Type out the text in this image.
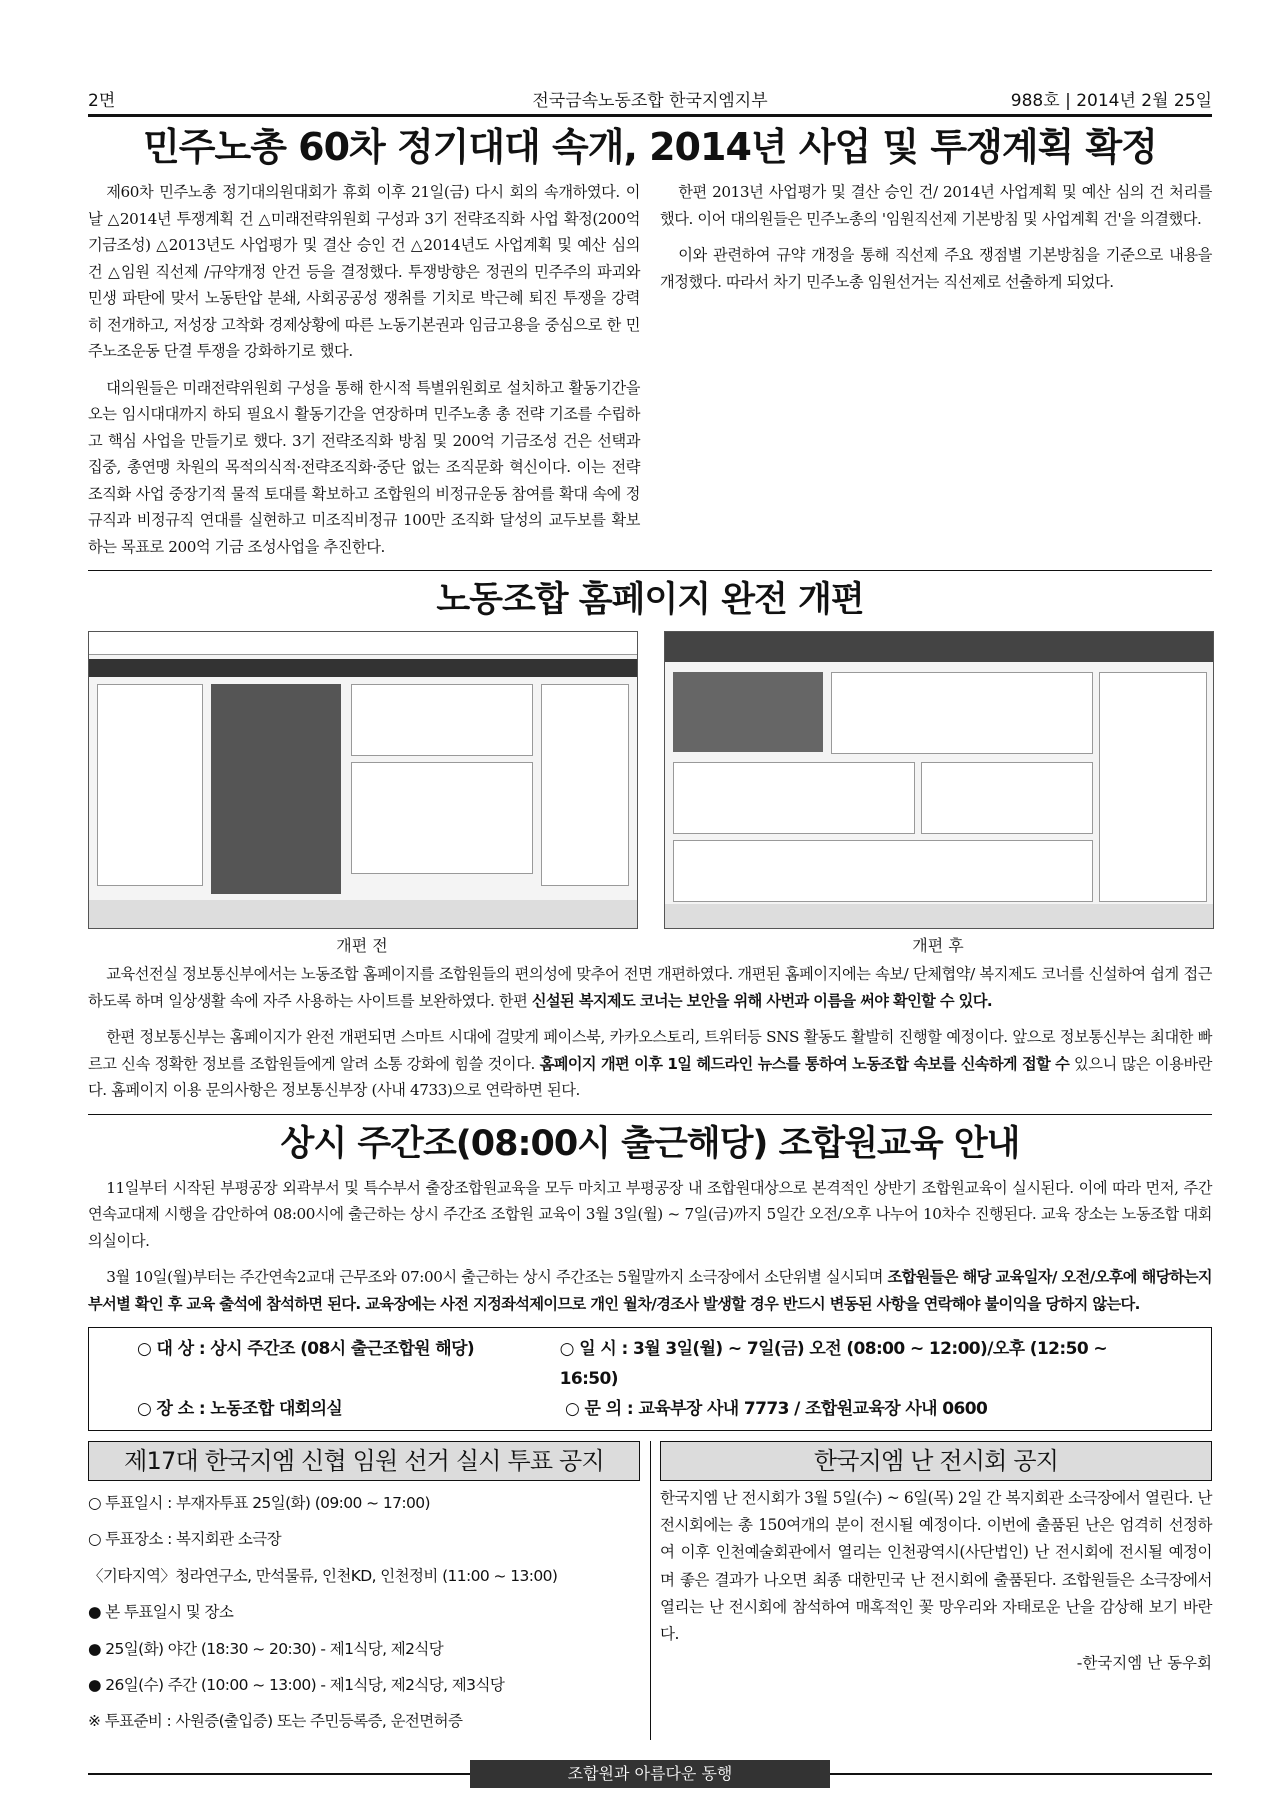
2면	전국금속노동조합 한국지엠지부	988호 | 2014년 2월 25일
민주노총 60차 정기대대 속개, 2014년 사업 및 투쟁계획 확정

제60차 민주노총 정기대의원대회가 휴회 이후 21일(금) 다시 회의 속개하였다. 이날 △2014년 투쟁계획 건 △미래전략위원회 구성과 3기 전략조직화 사업 확정(200억기금조성) △2013년도 사업평가 및 결산 승인 건 △2014년도 사업계획 및 예산 심의 건 △임원 직선제 /규약개정 안건 등을 결정했다. 투쟁방향은 정권의 민주주의 파괴와 민생 파탄에 맞서 노동탄압 분쇄, 사회공공성 쟁취를 기치로 박근혜 퇴진 투쟁을 강력히 전개하고, 저성장 고착화 경제상황에 따른 노동기본권과 임금고용을 중심으로 한 민주노조운동 단결 투쟁을 강화하기로 했다.

대의원들은 미래전략위원회 구성을 통해 한시적 특별위원회로 설치하고 활동기간을 오는 임시대대까지 하되 필요시 활동기간을 연장하며 민주노총 총 전략 기조를 수립하고 핵심 사업을 만들기로 했다. 3기 전략조직화 방침 및 200억 기금조성 건은 선택과 집중, 총연맹 차원의 목적의식적·전략조직화·중단 없는 조직문화 혁신이다. 이는 전략조직화 사업 중장기적 물적 토대를 확보하고 조합원의 비정규운동 참여를 확대 속에 정규직과 비정규직 연대를 실현하고 미조직비정규 100만 조직화 달성의 교두보를 확보하는 목표로 200억 기금 조성사업을 추진한다.

한편 2013년 사업평가 및 결산 승인 건/ 2014년 사업계획 및 예산 심의 건 처리를 했다. 이어 대의원들은 민주노총의 '임원직선제 기본방침 및 사업계획 건'을 의결했다.

이와 관련하여 규약 개정을 통해 직선제 주요 쟁점별 기본방침을 기준으로 내용을 개정했다. 따라서 차기 민주노총 임원선거는 직선제로 선출하게 되었다.

노동조합 홈페이지 완전 개편
개편 전	개편 후

교육선전실 정보통신부에서는 노동조합 홈페이지를 조합원들의 편의성에 맞추어 전면 개편하였다. 개편된 홈페이지에는 속보/ 단체협약/ 복지제도 코너를 신설하여 쉽게 접근하도록 하며 일상생활 속에 자주 사용하는 사이트를 보완하였다. 한편 신설된 복지제도 코너는 보안을 위해 사번과 이름을 써야 확인할 수 있다.

한편 정보통신부는 홈페이지가 완전 개편되면 스마트 시대에 걸맞게 페이스북, 카카오스토리, 트위터등 SNS 활동도 활발히 진행할 예정이다. 앞으로 정보통신부는 최대한 빠르고 신속 정확한 정보를 조합원들에게 알려 소통 강화에 힘쓸 것이다. 홈페이지 개편 이후 1일 헤드라인 뉴스를 통하여 노동조합 속보를 신속하게 접할 수 있으니 많은 이용바란다. 홈페이지 이용 문의사항은 정보통신부장 (사내 4733)으로 연락하면 된다.

상시 주간조(08:00시 출근해당) 조합원교육 안내

11일부터 시작된 부평공장 외곽부서 및 특수부서 출장조합원교육을 모두 마치고 부평공장 내 조합원대상으로 본격적인 상반기 조합원교육이 실시된다. 이에 따라 먼저, 주간연속교대제 시행을 감안하여 08:00시에 출근하는 상시 주간조 조합원 교육이 3월 3일(월) ~ 7일(금)까지 5일간 오전/오후 나누어 10차수 진행된다. 교육 장소는 노동조합 대회의실이다.

3월 10일(월)부터는 주간연속2교대 근무조와 07:00시 출근하는 상시 주간조는 5월말까지 소극장에서 소단위별 실시되며 조합원들은 해당 교육일자/ 오전/오후에 해당하는지 부서별 확인 후 교육 출석에 참석하면 된다. 교육장에는 사전 지정좌석제이므로 개인 월차/경조사 발생할 경우 반드시 변동된 사항을 연락해야 불이익을 당하지 않는다.

○ 대 상 : 상시 주간조 (08시 출근조합원 해당)	○ 일 시 : 3월 3일(월) ~ 7일(금) 오전 (08:00 ~ 12:00)/오후 (12:50 ~ 16:50)
○ 장 소 : 노동조합 대회의실	○ 문 의 : 교육부장 사내 7773 / 조합원교육장 사내 0600
제17대 한국지엠 신협 임원 선거 실시 투표 공지
○ 투표일시 : 부재자투표 25일(화) (09:00 ~ 17:00)
○ 투표장소 : 복지회관 소극장
〈기타지역〉청라연구소, 만석물류, 인천KD, 인천정비 (11:00 ~ 13:00)
● 본 투표일시 및 장소
● 25일(화) 야간 (18:30 ~ 20:30) - 제1식당, 제2식당
● 26일(수) 주간 (10:00 ~ 13:00) - 제1식당, 제2식당, 제3식당
※ 투표준비 : 사원증(출입증) 또는 주민등록증, 운전면허증
한국지엠 난 전시회 공지
한국지엠 난 전시회가 3월 5일(수) ~ 6일(목) 2일 간 복지회관 소극장에서 열린다. 난 전시회에는 총 150여개의 분이 전시될 예정이다. 이번에 출품된 난은 엄격히 선정하여 이후 인천예술회관에서 열리는 인천광역시(사단법인) 난 전시회에 전시될 예정이며 좋은 결과가 나오면 최종 대한민국 난 전시회에 출품된다. 조합원들은 소극장에서 열리는 난 전시회에 참석하여 매혹적인 꽃 망우리와 자태로운 난을 감상해 보기 바란다.
-한국지엠 난 동우회
조합원과 아름다운 동행
